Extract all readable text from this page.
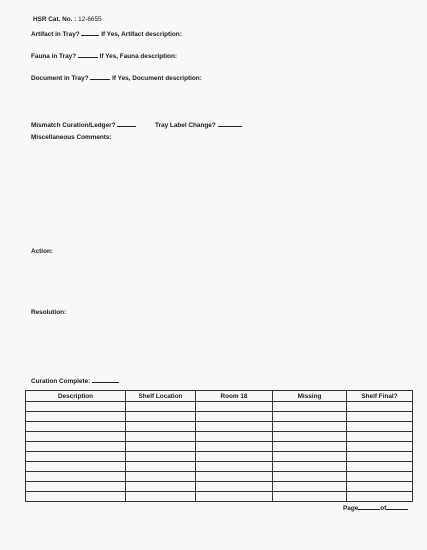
HSR Cat. No. : 12-6655
Artifact in Tray?	If Yes, Artifact description:
Fauna in Tray?	If Yes, Fauna description:
Document in Tray?	If Yes, Document description:
Mismatch Curation/Ledger?	Tray Label Change?
Miscellaneous Comments:
Action:
Resolution:
Curation Complete:
Description	Shelf Location	Room 18	Missing	Shelf Final?

Page	of
